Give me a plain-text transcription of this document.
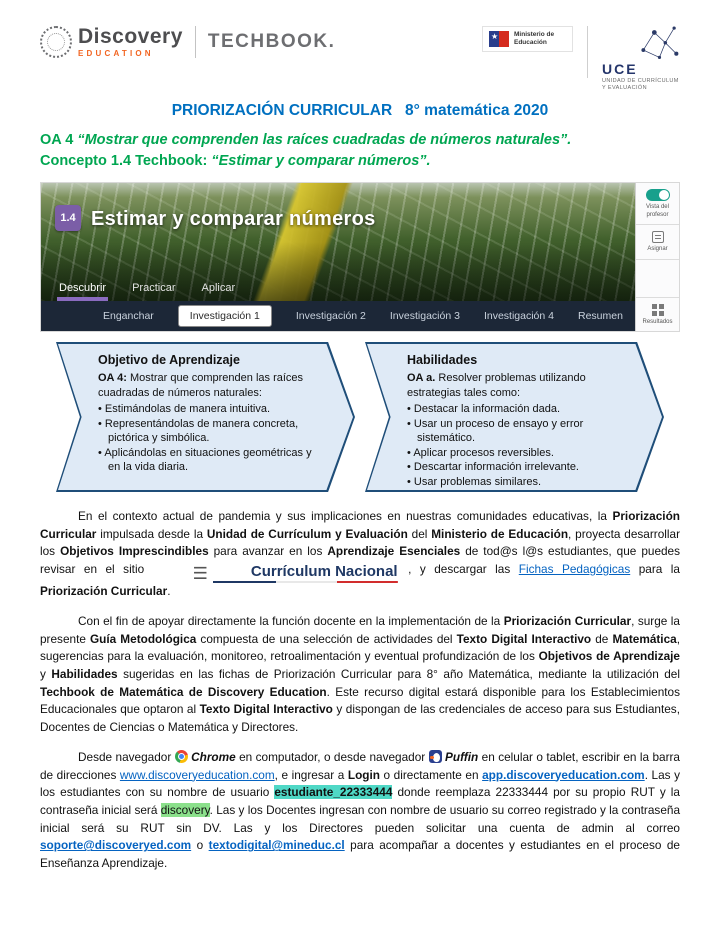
Discovery
EDUCATION
TECHBOOK.	★ Ministerio de Educación
UCE
UNIDAD DE CURRÍCULUM Y EVALUACIÓN
PRIORIZACIÓN CURRICULAR   8° matemática 2020
OA 4 “Mostrar que comprenden las raíces cuadradas de números naturales”.
Concepto 1.4 Techbook: “Estimar y comparar números”.
1.4 Estimar y comparar números
Descubrir Practicar Aplicar
Enganchar	Investigación 1	Investigación 2 Investigación 3 Investigación 4 Resumen
Vista del profesor
Asignar
Resultados
Objetivo de Aprendizaje
OA 4: Mostrar que comprenden las raíces cuadradas de números naturales:
• Estimándolas de manera intuitiva.
• Representándolas de manera concreta, pictórica y simbólica.
• Aplicándolas en situaciones geométricas y en la vida diaria.
Habilidades
OA a. Resolver problemas utilizando estrategias tales como:
• Destacar la información dada.
• Usar un proceso de ensayo y error sistemático.
• Aplicar procesos reversibles.
• Descartar información irrelevante.
• Usar problemas similares.

En el contexto actual de pandemia y sus implicaciones en nuestras comunidades educativas, la Priorización Curricular impulsada desde la Unidad de Currículum y Evaluación del Ministerio de Educación, proyecta desarrollar los Objetivos Imprescindibles para avanzar en los Aprendizaje Esenciales de tod@s l@s estudiantes, que puedes revisar en el sitio	☰	Currículum Nacional , y descargar las Fichas Pedagógicas para la Priorización Curricular.

Con el fin de apoyar directamente la función docente en la implementación de la Priorización Curricular, surge la presente Guía Metodológica compuesta de una selección de actividades del Texto Digital Interactivo de Matemática, sugerencias para la evaluación, monitoreo, retroalimentación y eventual profundización de los Objetivos de Aprendizaje y Habilidades sugeridas en las fichas de Priorización Curricular para 8° año Matemática, mediante la utilización del Techbook de Matemática de Discovery Education. Este recurso digital estará disponible para los Establecimientos Educacionales que optaron al Texto Digital Interactivo y dispongan de las credenciales de acceso para sus Estudiantes, Docentes de Ciencias o Matemática y Directores.

Desde navegador  Chrome en computador, o desde navegador  Puffin en celular o tablet, escribir en la barra de direcciones www.discoveryeducation.com, e ingresar a Login o directamente en app.discoveryeducation.com. Las y los estudiantes con su nombre de usuario estudiante_22333444 donde reemplaza 22333444 por su propio RUT y la contraseña inicial será discovery. Las y los Docentes ingresan con nombre de usuario su correo registrado y la contraseña inicial será su RUT sin DV. Las y los Directores pueden solicitar una cuenta de admin al correo soporte@discoveryed.com o textodigital@mineduc.cl para acompañar a docentes y estudiantes en el proceso de Enseñanza Aprendizaje.
